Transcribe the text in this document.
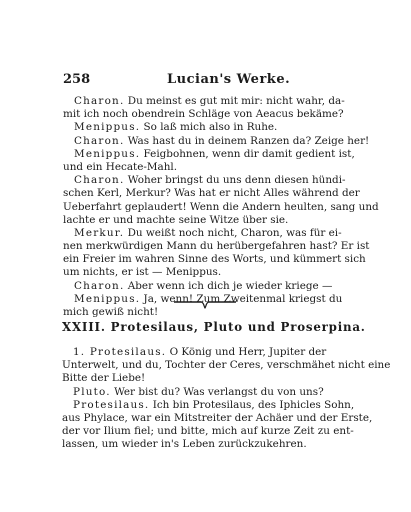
258	Lucian's Werke.
Charon. Du meinst es gut mit mir: nicht wahr, da-
mit ich noch obendrein Schläge von Aeacus bekäme?
Menippus. So laß mich also in Ruhe.
Charon. Was hast du in deinem Ranzen da? Zeige her!
Menippus. Feigbohnen, wenn dir damit gedient ist,
und ein Hecate-Mahl.
Charon. Woher bringst du uns denn diesen hündi-
schen Kerl, Merkur? Was hat er nicht Alles während der
Ueberfahrt geplaudert! Wenn die Andern heulten, sang und
lachte er und machte seine Witze über sie.
Merkur. Du weißt noch nicht, Charon, was für ei-
nen merkwürdigen Mann du herübergefahren hast? Er ist
ein Freier im wahren Sinne des Worts, und kümmert sich
um nichts, er ist — Menippus.
Charon. Aber wenn ich dich je wieder kriege —
Menippus. Ja, wenn! Zum Zweitenmal kriegst du
mich gewiß nicht!
XXIII. Protesilaus, Pluto und Proserpina.
1. Protesilaus. O König und Herr, Jupiter der
Unterwelt, und du, Tochter der Ceres, verschmähet nicht eine
Bitte der Liebe!
Pluto. Wer bist du? Was verlangst du von uns?
Protesilaus. Ich bin Protesilaus, des Iphicles Sohn,
aus Phylace, war ein Mitstreiter der Achäer und der Erste,
der vor Ilium fiel; und bitte, mich auf kurze Zeit zu ent-
lassen, um wieder in's Leben zurückzukehren.
